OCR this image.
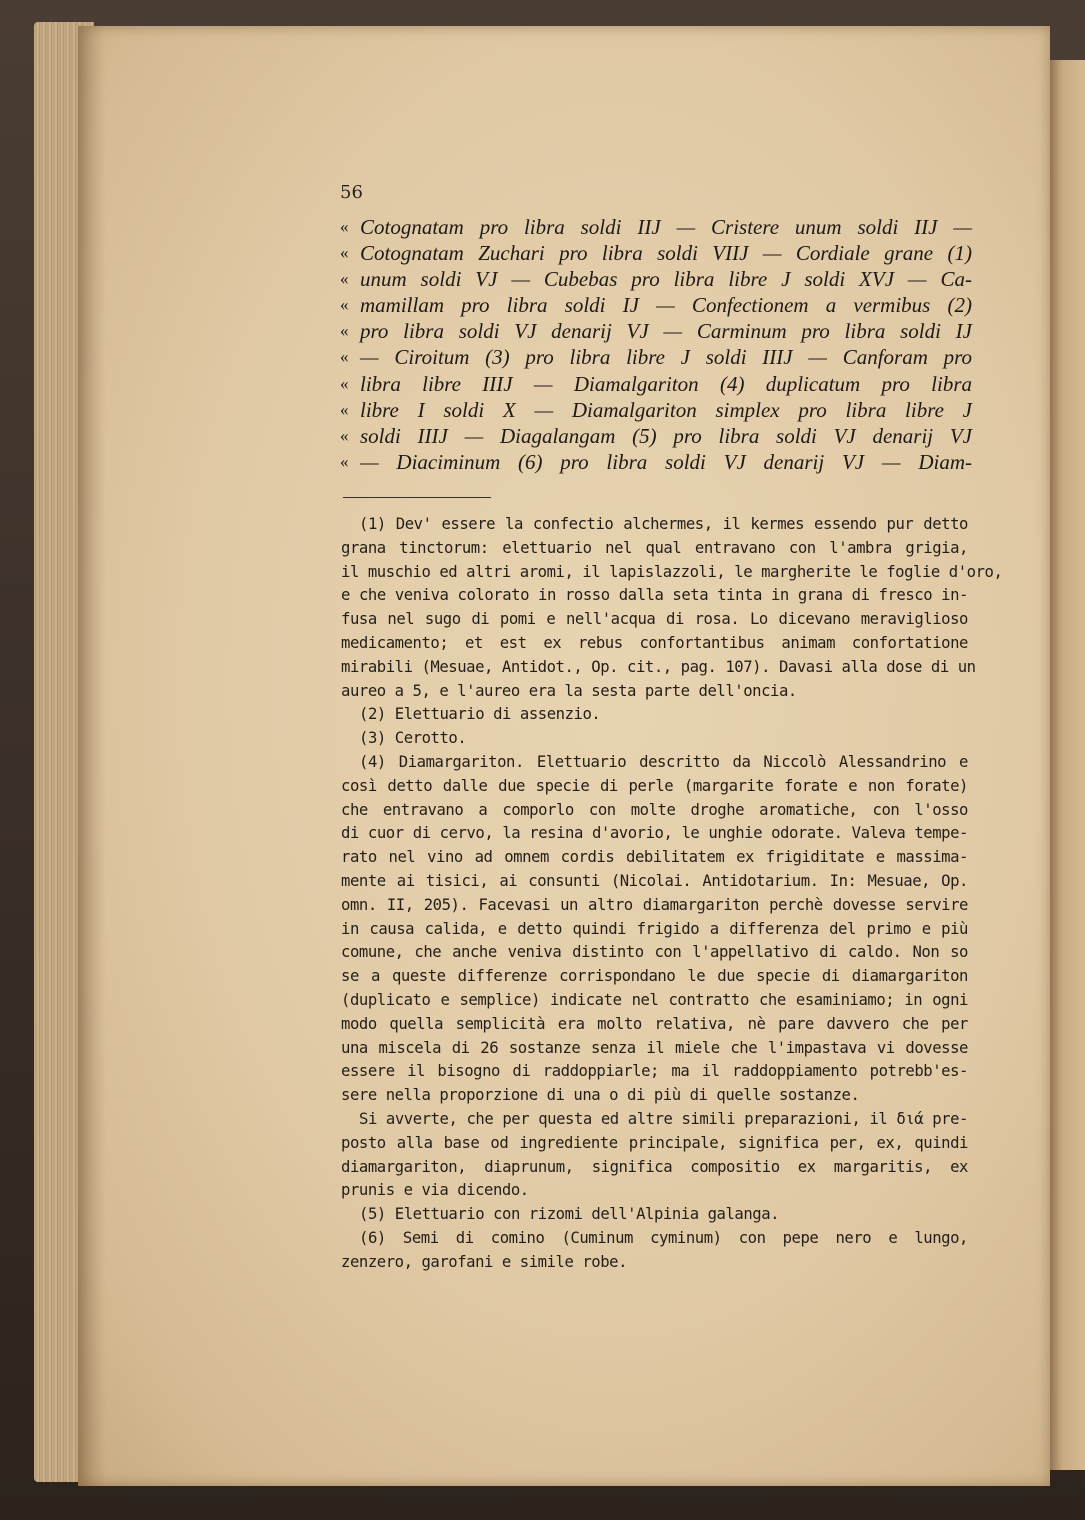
56
« Cotognatam pro libra soldi IIJ — Cristere unum soldi IIJ —
« Cotognatam Zuchari pro libra soldi VIIJ — Cordiale grane (1)
« unum soldi VJ — Cubebas pro libra libre J soldi XVJ — Ca-
« mamillam pro libra soldi IJ — Confectionem a vermibus (2)
« pro libra soldi VJ denarij VJ — Carminum pro libra soldi IJ
« — Ciroitum (3) pro libra libre J soldi IIIJ — Canforam pro
« libra libre IIIJ — Diamalgariton (4) duplicatum pro libra
« libre I soldi X — Diamalgariton simplex pro libra libre J
« soldi IIIJ — Diagalangam (5) pro libra soldi VJ denarij VJ
« — Diaciminum (6) pro libra soldi VJ denarij VJ — Diam-
(1) Dev' essere la confectio alchermes, il kermes essendo pur detto
grana tinctorum: elettuario nel qual entravano con l'ambra grigia,
il muschio ed altri aromi, il lapislazzoli, le margherite le foglie d'oro,
e che veniva colorato in rosso dalla seta tinta in grana di fresco in-
fusa nel sugo di pomi e nell'acqua di rosa. Lo dicevano meraviglioso
medicamento; et est ex rebus confortantibus animam confortatione
mirabili (Mesuae, Antidot., Op. cit., pag. 107). Davasi alla dose di un
aureo a 5, e l'aureo era la sesta parte dell'oncia.
(2) Elettuario di assenzio.
(3) Cerotto.
(4) Diamargariton. Elettuario descritto da Niccolò Alessandrino e
così detto dalle due specie di perle (margarite forate e non forate)
che entravano a comporlo con molte droghe aromatiche, con l'osso
di cuor di cervo, la resina d'avorio, le unghie odorate. Valeva tempe-
rato nel vino ad omnem cordis debilitatem ex frigiditate e massima-
mente ai tisici, ai consunti (Nicolai. Antidotarium. In: Mesuae, Op.
omn. II, 205). Facevasi un altro diamargariton perchè dovesse servire
in causa calida, e detto quindi frigido a differenza del primo e più
comune, che anche veniva distinto con l'appellativo di caldo. Non so
se a queste differenze corrispondano le due specie di diamargariton
(duplicato e semplice) indicate nel contratto che esaminiamo; in ogni
modo quella semplicità era molto relativa, nè pare davvero che per
una miscela di 26 sostanze senza il miele che l'impastava vi dovesse
essere il bisogno di raddoppiarle; ma il raddoppiamento potrebb'es-
sere nella proporzione di una o di più di quelle sostanze.
Si avverte, che per questa ed altre simili preparazioni, il διά pre-
posto alla base od ingrediente principale, significa per, ex, quindi
diamargariton, diaprunum, significa compositio ex margaritis, ex
prunis e via dicendo.
(5) Elettuario con rizomi dell'Alpinia galanga.
(6) Semi di comino (Cuminum cyminum) con pepe nero e lungo,
zenzero, garofani e simile robe.
